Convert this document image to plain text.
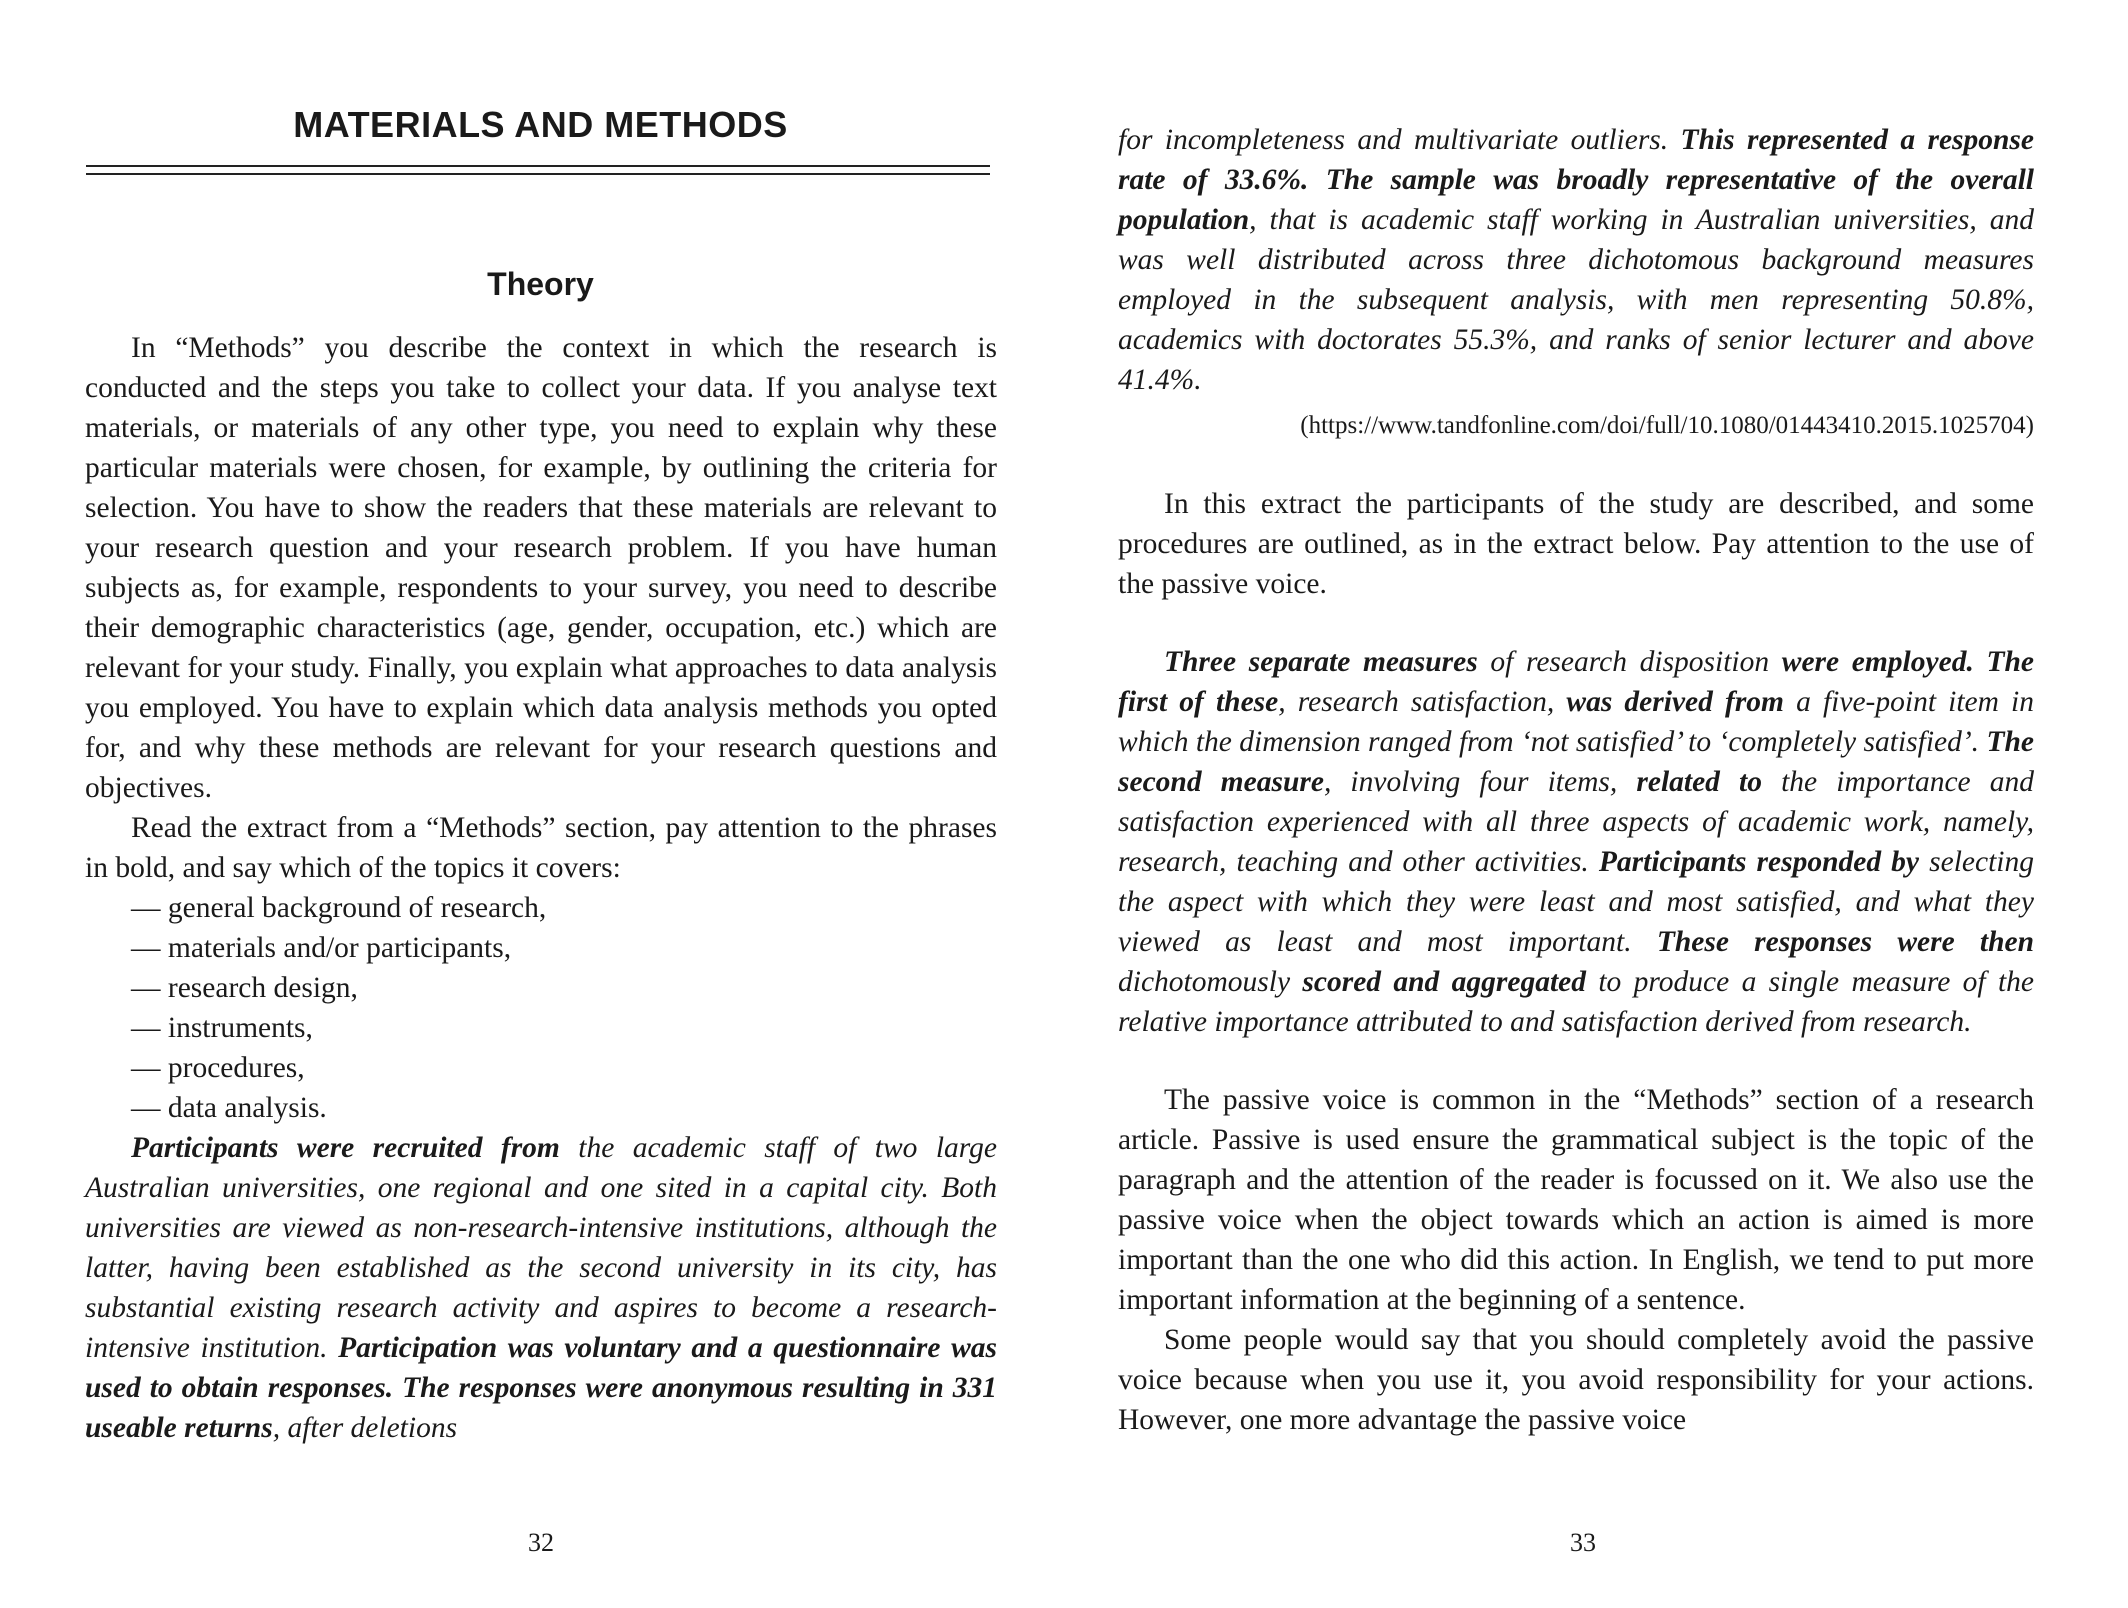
MATERIALS AND METHODS
Theory

In “Methods” you describe the context in which the research is conducted and the steps you take to collect your data. If you analyse text materials, or materials of any other type, you need to explain why these particular materials were chosen, for example, by outlining the criteria for selection. You have to show the readers that these materials are relevant to your research question and your research problem. If you have human subjects as, for example, respondents to your survey, you need to describe their demographic characteristics (age, gender, occupation, etc.) which are relevant for your study. Finally, you explain what approaches to data analysis you employed. You have to explain which data analysis methods you opted for, and why these methods are relevant for your research questions and objectives.

Read the extract from a “Methods” section, pay attention to the phrases in bold, and say which of the topics it covers:

— general background of research,

— materials and/or participants,

— research design,

— instruments,

— procedures,

— data analysis.

Participants were recruited from the academic staff of two large Australian universities, one regional and one sited in a capital city. Both universities are viewed as non-research-intensive institutions, although the latter, having been established as the second university in its city, has substantial existing research activity and aspires to become a research-intensive institution. Participation was voluntary and a questionnaire was used to obtain responses. The responses were anonymous resulting in 331 useable returns, after deletions

32

for incompleteness and multivariate outliers. This represented a response rate of 33.6%. The sample was broadly representative of the overall population, that is academic staff working in Australian universities, and was well distributed across three dichotomous background measures employed in the subsequent analysis, with men representing 50.8%, academics with doctorates 55.3%, and ranks of senior lecturer and above 41.4%.

(https://www.tandfonline.com/doi/full/10.1080/01443410.2015.1025704)

In this extract the participants of the study are described, and some procedures are outlined, as in the extract below. Pay attention to the use of the passive voice.

Three separate measures of research disposition were employed. The first of these, research satisfaction, was derived from a five-point item in which the dimension ranged from ‘not satisfied’ to ‘completely satisfied’. The second measure, involving four items, related to the importance and satisfaction experienced with all three aspects of academic work, namely, research, teaching and other activities. Participants responded by selecting the aspect with which they were least and most satisfied, and what they viewed as least and most important. These responses were then dichotomously scored and aggregated to produce a single measure of the relative importance attributed to and satisfaction derived from research.

The passive voice is common in the “Methods” section of a research article. Passive is used ensure the grammatical subject is the topic of the paragraph and the attention of the reader is focussed on it. We also use the passive voice when the object towards which an action is aimed is more important than the one who did this action. In English, we tend to put more important information at the beginning of a sentence.

Some people would say that you should completely avoid the passive voice because when you use it, you avoid responsibility for your actions. However, one more advantage the passive voice

33
